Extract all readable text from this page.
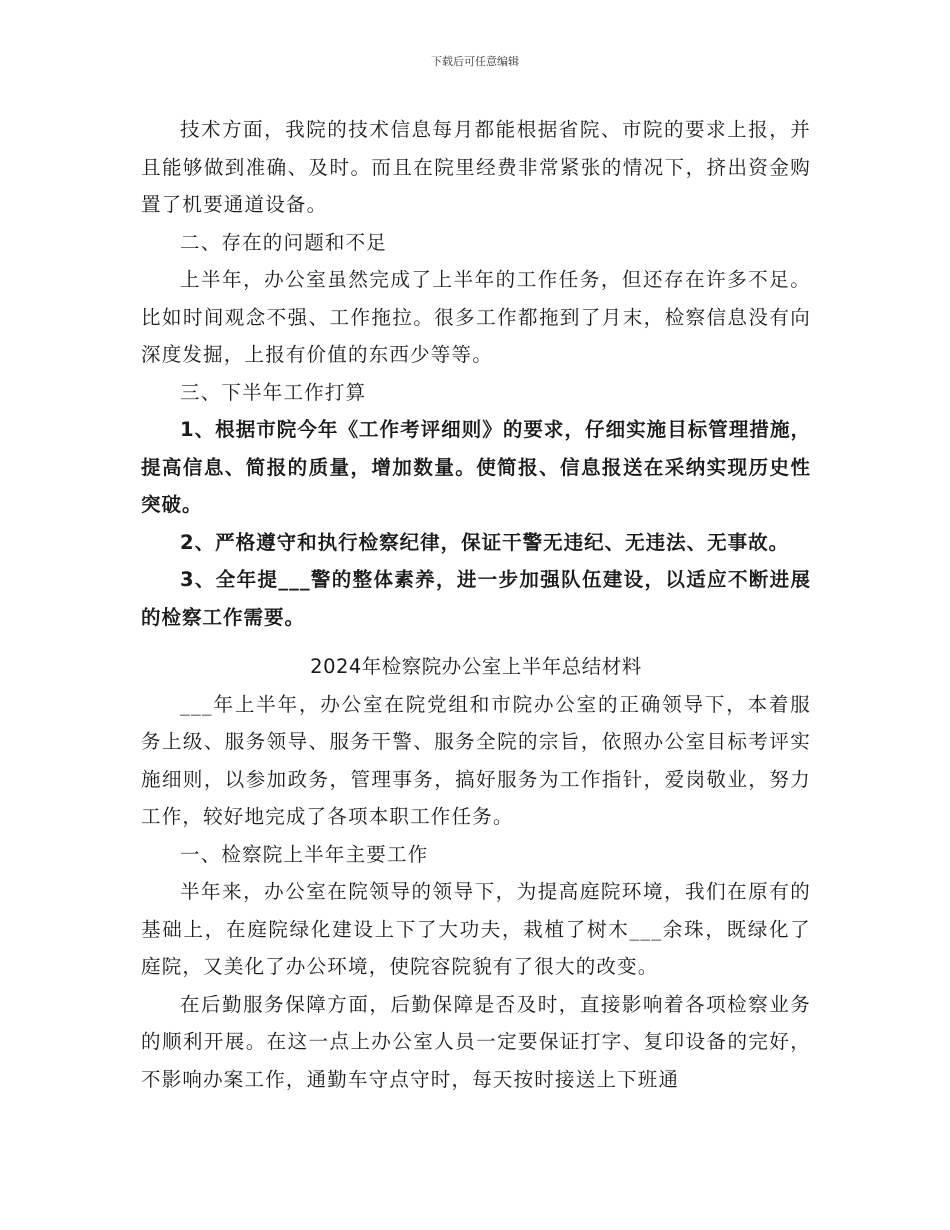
下载后可任意编辑

技术方面，我院的技术信息每月都能根据省院、市院的要求上报，并且能够做到准确、及时。而且在院里经费非常紧张的情况下，挤出资金购置了机要通道设备。

二、存在的问题和不足

上半年，办公室虽然完成了上半年的工作任务，但还存在许多不足。比如时间观念不强、工作拖拉。很多工作都拖到了月末，检察信息没有向深度发掘，上报有价值的东西少等等。

三、下半年工作打算

1、根据市院今年《工作考评细则》的要求，仔细实施目标管理措施，提高信息、简报的质量，增加数量。使简报、信息报送在采纳实现历史性突破。

2、严格遵守和执行检察纪律，保证干警无违纪、无违法、无事故。

3、全年提___警的整体素养，进一步加强队伍建设，以适应不断进展的检察工作需要。

2024年检察院办公室上半年总结材料

___年上半年，办公室在院党组和市院办公室的正确领导下，本着服务上级、服务领导、服务干警、服务全院的宗旨，依照办公室目标考评实施细则，以参加政务，管理事务，搞好服务为工作指针，爱岗敬业，努力工作，较好地完成了各项本职工作任务。

一、检察院上半年主要工作

半年来，办公室在院领导的领导下，为提高庭院环境，我们在原有的基础上，在庭院绿化建设上下了大功夫，栽植了树木___余珠，既绿化了庭院，又美化了办公环境，使院容院貌有了很大的改变。

在后勤服务保障方面，后勤保障是否及时，直接影响着各项检察业务的顺利开展。在这一点上办公室人员一定要保证打字、复印设备的完好，不影响办案工作，通勤车守点守时，每天按时接送上下班通
